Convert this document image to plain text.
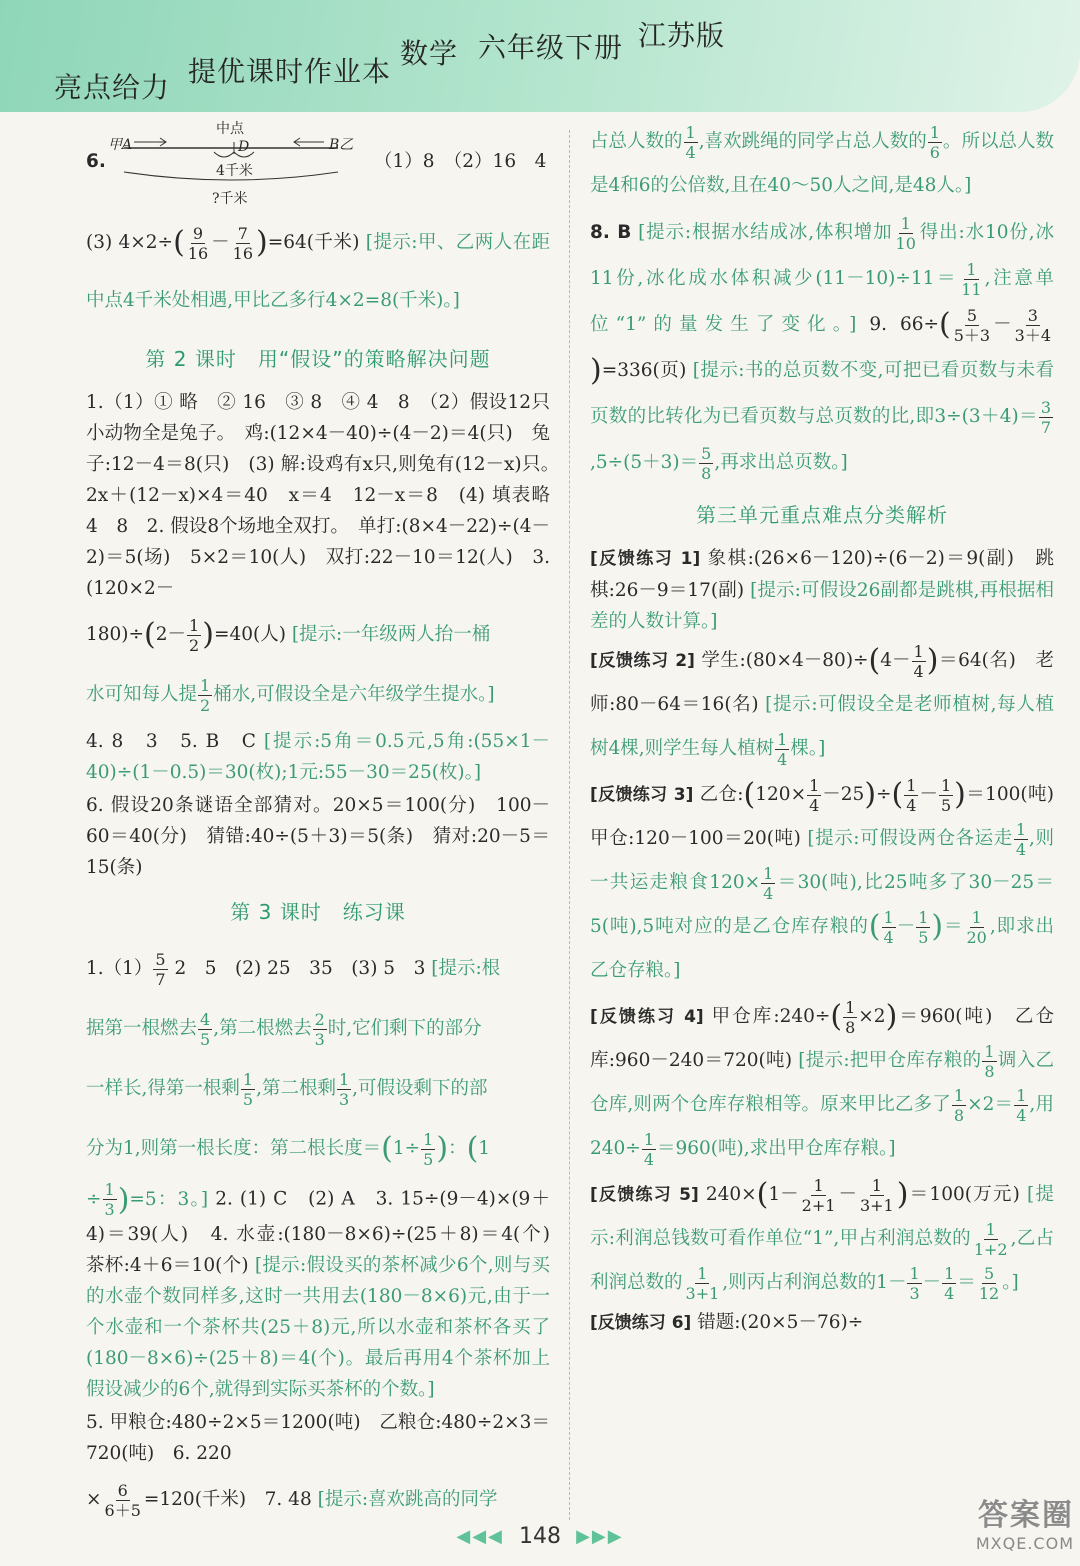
亮点给力 提优课时作业本
数学 六年级下册 江苏版
6.
甲A	B乙
中点
D
4千米
?千米
（1）8　（2）16　4
(3) $4\times 2\div( \frac{9}{16} - \frac{7}{16} )=64$(千米) [提示:甲、乙两人在距中点4千米处相遇,甲比乙多行4×2=8(千米)。]
第 2 课时　用“假设”的策略解决问题
1.（1）① 略　② 16　③ 8　④ 4　8　（2）假设12只小动物全是兔子。　鸡:(12×4－40)÷(4－2)＝4(只)　兔子:12－4＝8(只)　(3) 解:设鸡有x只,则兔有(12－x)只。　2x＋(12－x)×4＝40　x＝4　12－x＝8　(4) 填表略　4　8　2. 假设8个场地全双打。　单打:(8×4－22)÷(4－2)＝5(场)　5×2＝10(人)　双打:22－10＝12(人)　3. (120×2－
$180)\div(2- \frac{1}{2} )=40$(人) [提示:一年级两人抬一桶
水可知每人提 $\frac{1}{2}$ 桶水,可假设全是六年级学生提水。]
4. 8　3　5. B　C [提示:5角＝0.5元,5角:(55×1－40)÷(1－0.5)＝30(枚);1元:55－30＝25(枚)。]
6. 假设20条谜语全部猜对。20×5＝100(分)　100－60＝40(分)　猜错:40÷(5＋3)＝5(条)　猜对:20－5＝15(条)
第 3 课时　练习课
$1.(1) \frac{5}{7} 2$　5　(2) 25　35　(3) 5　3 [提示:根
据第一根燃去 $\frac{4}{5}$ ,第二根燃去 $\frac{2}{3}$ 时,它们剩下的部分
一样长,得第一根剩 $\frac{1}{5}$ ,第二根剩 $\frac{1}{3}$ ,可假设剩下的部
分为1,则第一根长度：第二根长度$=(1\div \frac{1}{5}$ )：(1
÷ $\frac{1}{3} )=5$：3。] 2. (1) C　(2) A　3. 15÷(9－4)×(9＋4)＝39(人)　4. 水壶:(180－8×6)÷(25＋8)＝4(个)　茶杯:4＋6＝10(个) [提示:假设买的茶杯减少6个,则与买的水壶个数同样多,这时一共用去(180－8×6)元,由于一个水壶和一个茶杯共(25＋8)元,所以水壶和茶杯各买了(180－8×6)÷(25＋8)＝4(个)。最后再用4个茶杯加上假设减少的6个,就得到实际买茶杯的个数。]
5. 甲粮仓:480÷2×5＝1200(吨)　乙粮仓:480÷2×3＝720(吨)　6. 220
× $\frac{6}{6+5} =120$(千米)　7. 48 [提示:喜欢跳高的同学
占总人数的 $\frac{1}{4}$ ,喜欢跳绳的同学占总人数的 $\frac{1}{6}$ 。所以总人数是4和6的公倍数,且在40～50人之间,是48人。]
8. B [提示:根据水结成冰,体积增加 $\frac{1}{10}$ 得出:水10份,冰11份,冰化成水体积减少$(11-10)\div 11= \frac{1}{11}$ ,注意单位“1”的量发生了变化。] 9. $66\div( \frac{5}{5+3} - \frac{3}{3+4}$
)=336(页) [提示:书的总页数不变,可把已看页数与未看页数的比转化为已看页数与总页数的比,即$3\div(3+4)= \frac{3}{7}$
$,5\div(5+3)= \frac{5}{8}$ ,再求出总页数。]
第三单元重点难点分类解析
[反馈练习 1] 象棋:(26×6－120)÷(6－2)＝9(副)　跳棋:26－9＝17(副) [提示:可假设26副都是跳棋,再根据相差的人数计算。]
[反馈练习 2] 学生:(80×4－80)÷(4－ $\frac{1}{4} )=64$(名)　老师:80－64＝16(名) [提示:可假设全是老师植树,每人植树4棵,则学生每人植树 $\frac{1}{4}$ 棵。]
[反馈练习 3] 乙仓:(120× $\frac{1}{4} -25)\div( \frac{1}{4} - \frac{1}{5} )=100$(吨)　甲仓:120－100＝20(吨) [提示:可假设两仓各运走 $\frac{1}{4}$ ,则一共运走粮食$120\times \frac{1}{4} =30$(吨),比25吨多了30－25＝5(吨),5吨对应的是乙仓库存粮的( $\frac{1}{4} - \frac{1}{5}$ )＝ $\frac{1}{20}$ ,即求出乙仓存粮。]
[反馈练习 4] 甲仓库:240÷( $\frac{1}{8} \times 2)=960$(吨)　乙仓库:960－240＝720(吨) [提示:把甲仓库存粮的 $\frac{1}{8}$ 调入乙仓库,则两个仓库存粮相等。原来甲比乙多了 $\frac{1}{8} \times 2= \frac{1}{4}$ ,用$240\div \frac{1}{4} =960$(吨),求出甲仓库存粮。]
[反馈练习 5] $240\times(1- \frac{1}{2+1} - \frac{1}{3+1} )=100$(万元) [提示:利润总钱数可看作单位“1”,甲占利润总数的 $\frac{1}{1+2}$ ,乙占利润总数的 $\frac{1}{3+1}$ ,则丙占利润总数的$1- \frac{1}{3} - \frac{1}{4} = \frac{5}{12}$ 。]
[反馈练习 6] 错题:(20×5－76)÷
◀◀◀ 148 ▶▶▶
答案圈
MXQE.COM
